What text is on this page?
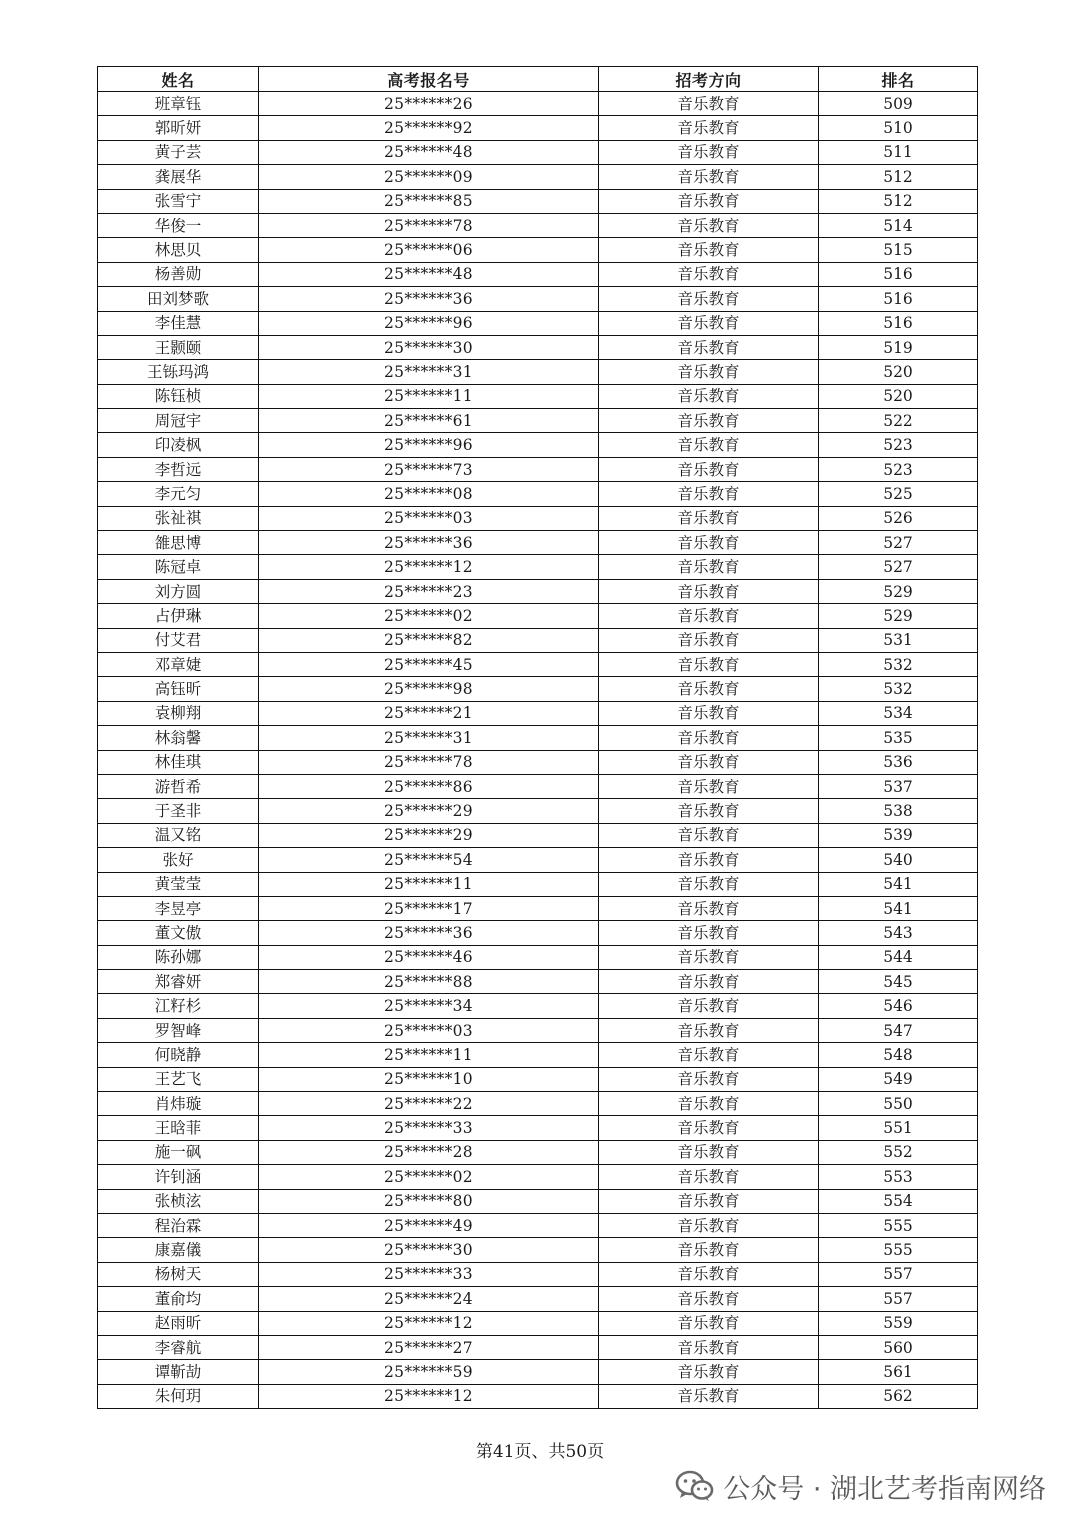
姓名	高考报名号	招考方向	排名
班章钰	25******26	音乐教育	509
郭昕妍	25******92	音乐教育	510
黄子芸	25******48	音乐教育	511
龚展华	25******09	音乐教育	512
张雪宁	25******85	音乐教育	512
华俊一	25******78	音乐教育	514
林思贝	25******06	音乐教育	515
杨善勋	25******48	音乐教育	516
田刘梦歌	25******36	音乐教育	516
李佳慧	25******96	音乐教育	516
王颢颐	25******30	音乐教育	519
王铄玛鸿	25******31	音乐教育	520
陈钰桢	25******11	音乐教育	520
周冠宇	25******61	音乐教育	522
印凌枫	25******96	音乐教育	523
李哲远	25******73	音乐教育	523
李元匀	25******08	音乐教育	525
张祉祺	25******03	音乐教育	526
雒思博	25******36	音乐教育	527
陈冠卓	25******12	音乐教育	527
刘方圆	25******23	音乐教育	529
占伊琳	25******02	音乐教育	529
付艾君	25******82	音乐教育	531
邓章婕	25******45	音乐教育	532
高钰昕	25******98	音乐教育	532
袁柳翔	25******21	音乐教育	534
林翁馨	25******31	音乐教育	535
林佳琪	25******78	音乐教育	536
游哲希	25******86	音乐教育	537
于圣非	25******29	音乐教育	538
温又铭	25******29	音乐教育	539
张好	25******54	音乐教育	540
黄莹莹	25******11	音乐教育	541
李昱亭	25******17	音乐教育	541
董文傲	25******36	音乐教育	543
陈孙娜	25******46	音乐教育	544
郑睿妍	25******88	音乐教育	545
江籽杉	25******34	音乐教育	546
罗智峰	25******03	音乐教育	547
何晓静	25******11	音乐教育	548
王艺飞	25******10	音乐教育	549
肖炜璇	25******22	音乐教育	550
王晗菲	25******33	音乐教育	551
施一砜	25******28	音乐教育	552
许钊涵	25******02	音乐教育	553
张桢泫	25******80	音乐教育	554
程治霖	25******49	音乐教育	555
康嘉儀	25******30	音乐教育	555
杨树天	25******33	音乐教育	557
董俞均	25******24	音乐教育	557
赵雨昕	25******12	音乐教育	559
李睿航	25******27	音乐教育	560
谭靳劼	25******59	音乐教育	561
朱何玥	25******12	音乐教育	562
第41页、共50页
公众号 · 湖北艺考指南网络
